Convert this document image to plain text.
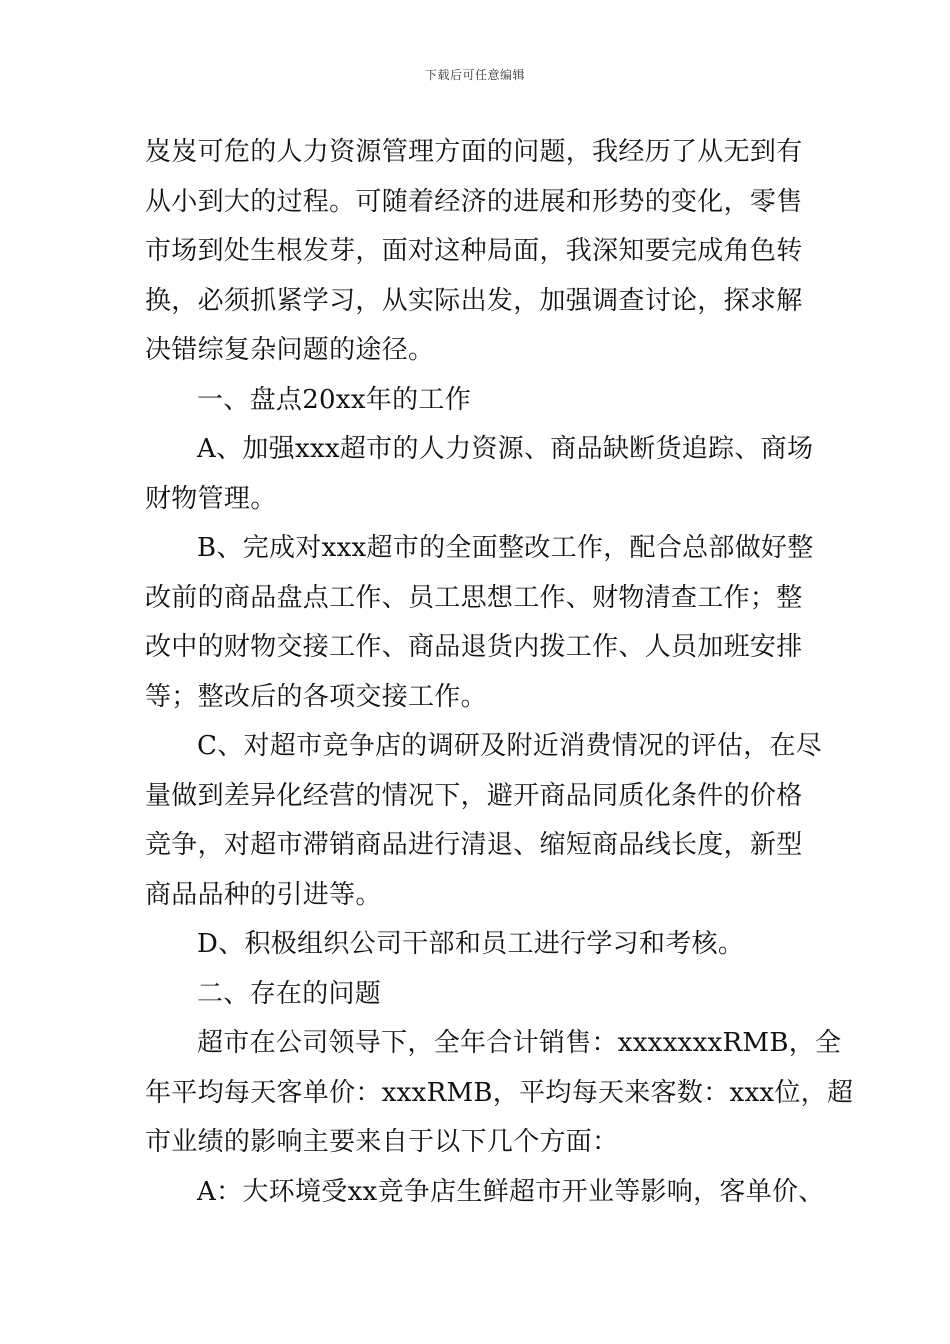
下载后可任意编辑
岌岌可危的人力资源管理方面的问题，我经历了从无到有
从小到大的过程。可随着经济的进展和形势的变化，零售
市场到处生根发芽，面对这种局面，我深知要完成角色转
换，必须抓紧学习，从实际出发，加强调查讨论，探求解
决错综复杂问题的途径。
一、盘点20xx年的工作
A、加强xxx超市的人力资源、商品缺断货追踪、商场
财物管理。
B、完成对xxx超市的全面整改工作，配合总部做好整
改前的商品盘点工作、员工思想工作、财物清查工作；整
改中的财物交接工作、商品退货内拨工作、人员加班安排
等；整改后的各项交接工作。
C、对超市竞争店的调研及附近消费情况的评估，在尽
量做到差异化经营的情况下，避开商品同质化条件的价格
竞争，对超市滞销商品进行清退、缩短商品线长度，新型
商品品种的引进等。
D、积极组织公司干部和员工进行学习和考核。
二、存在的问题
超市在公司领导下，全年合计销售：xxxxxxxRMB，全
年平均每天客单价：xxxRMB，平均每天来客数：xxx位，超
市业绩的影响主要来自于以下几个方面：
A：大环境受xx竞争店生鲜超市开业等影响，客单价、
